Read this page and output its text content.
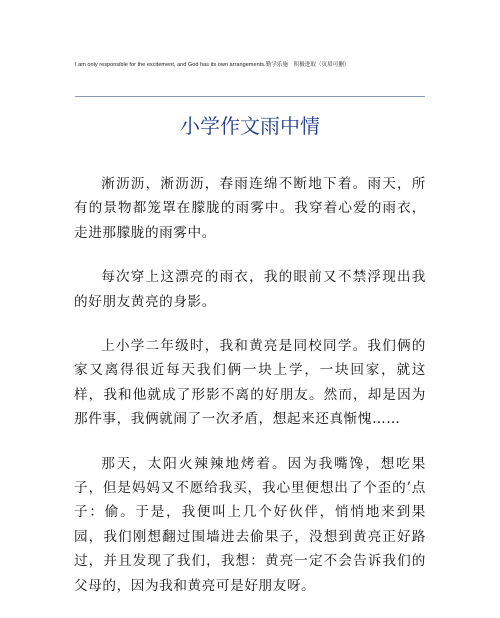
I am only responsible for the excitement, and God has its own arrangements.勤学乐施　积极进取（页眉可删）
小学作文雨中情

淅沥沥，淅沥沥，春雨连绵不断地下着。雨天，所有的景物都笼罩在朦胧的雨雾中。我穿着心爱的雨衣，走进那朦胧的雨雾中。

每次穿上这漂亮的雨衣，我的眼前又不禁浮现出我的好朋友黄亮的身影。

上小学二年级时，我和黄亮是同校同学。我们俩的家又离得很近每天我们俩一块上学，一块回家，就这样，我和他就成了形影不离的好朋友。然而，却是因为那件事，我俩就闹了一次矛盾，想起来还真惭愧……

那天，太阳火辣辣地烤着。因为我嘴馋，想吃果子，但是妈妈又不愿给我买，我心里便想出了个歪的’点子：偷。于是，我便叫上几个好伙伴，悄悄地来到果园，我们刚想翻过围墙进去偷果子，没想到黄亮正好路过，并且发现了我们，我想：黄亮一定不会告诉我们的父母的，因为我和黄亮可是好朋友呀。
